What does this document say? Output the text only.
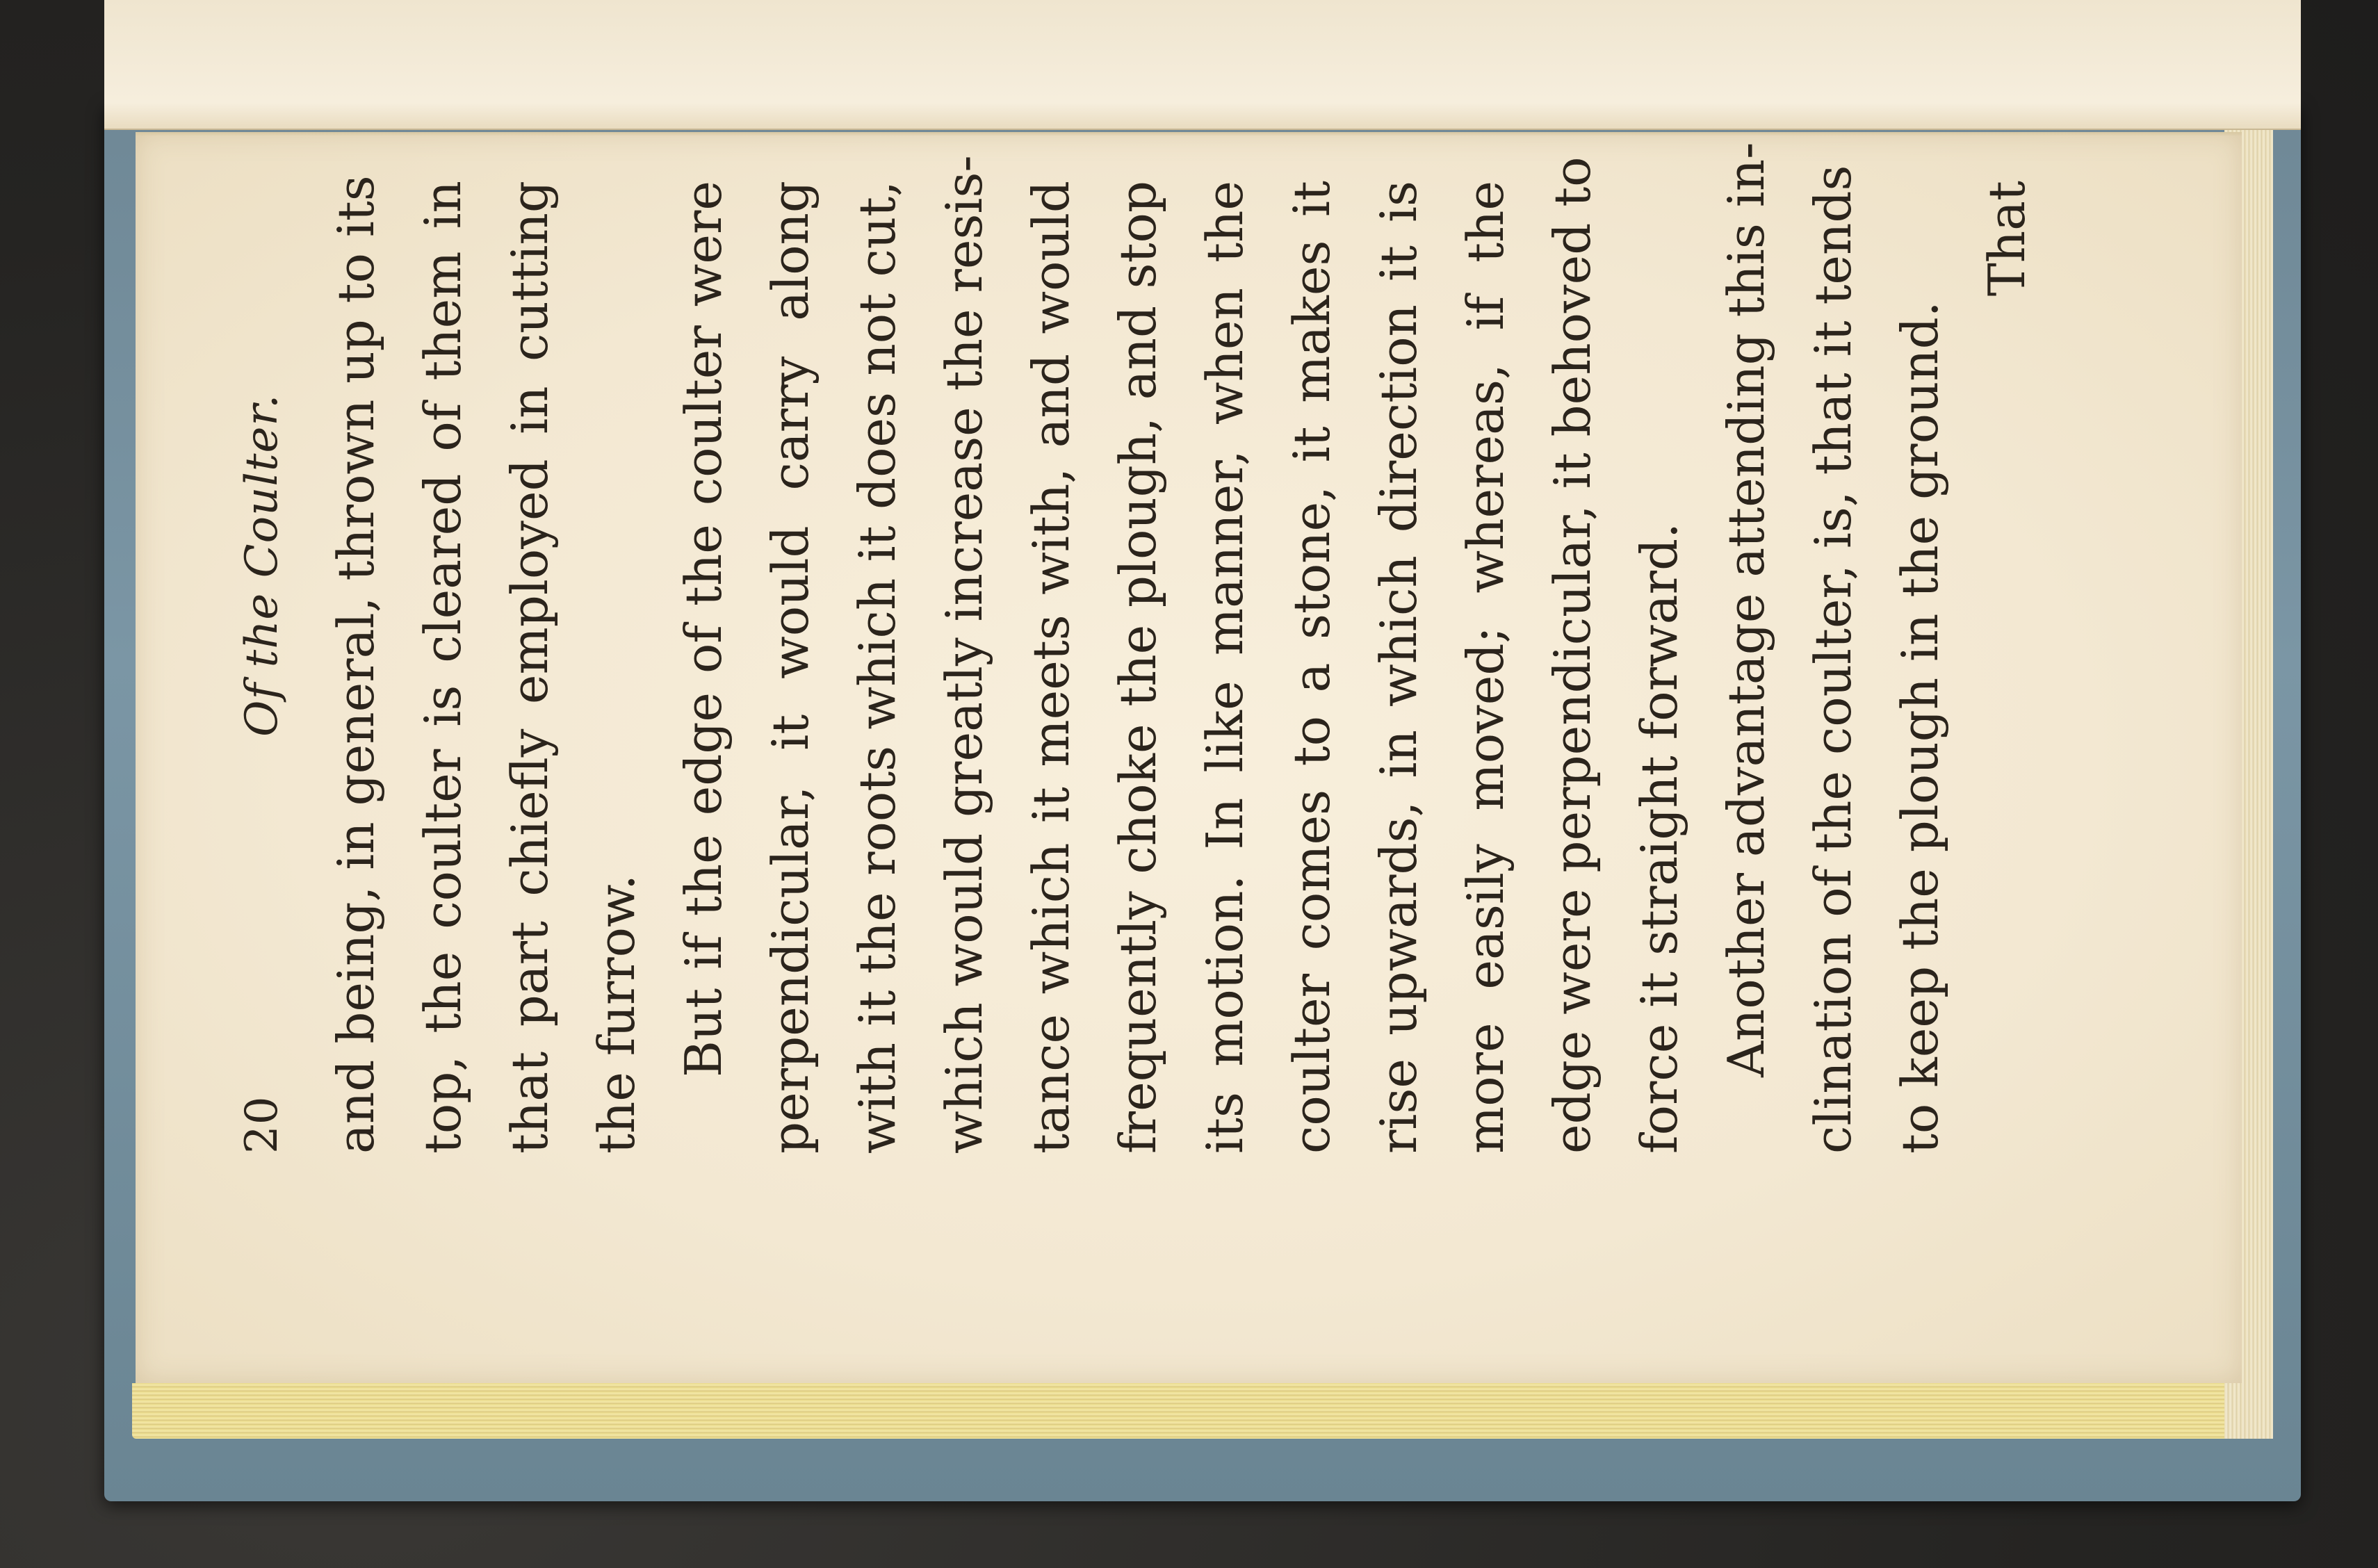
20
Of the Coulter. and being, in general, thrown up to its top, the coulter is cleared of them in that part chiefly employed in cutting the furrow. But if the edge of the coulter were perpendicular, it would carry along with it the roots which it does not cut, which would greatly increase the resis- tance which it meets with, and would frequently choke the plough, and stop its motion. In like manner, when the coulter comes to a stone, it makes it rise upwards, in which direction it is more easily moved; whereas, if the edge were perpendicular, it behoved to force it straight forward. Another advantage attending this in- clination of the coulter, is, that it tends to keep the plough in the ground.
That
